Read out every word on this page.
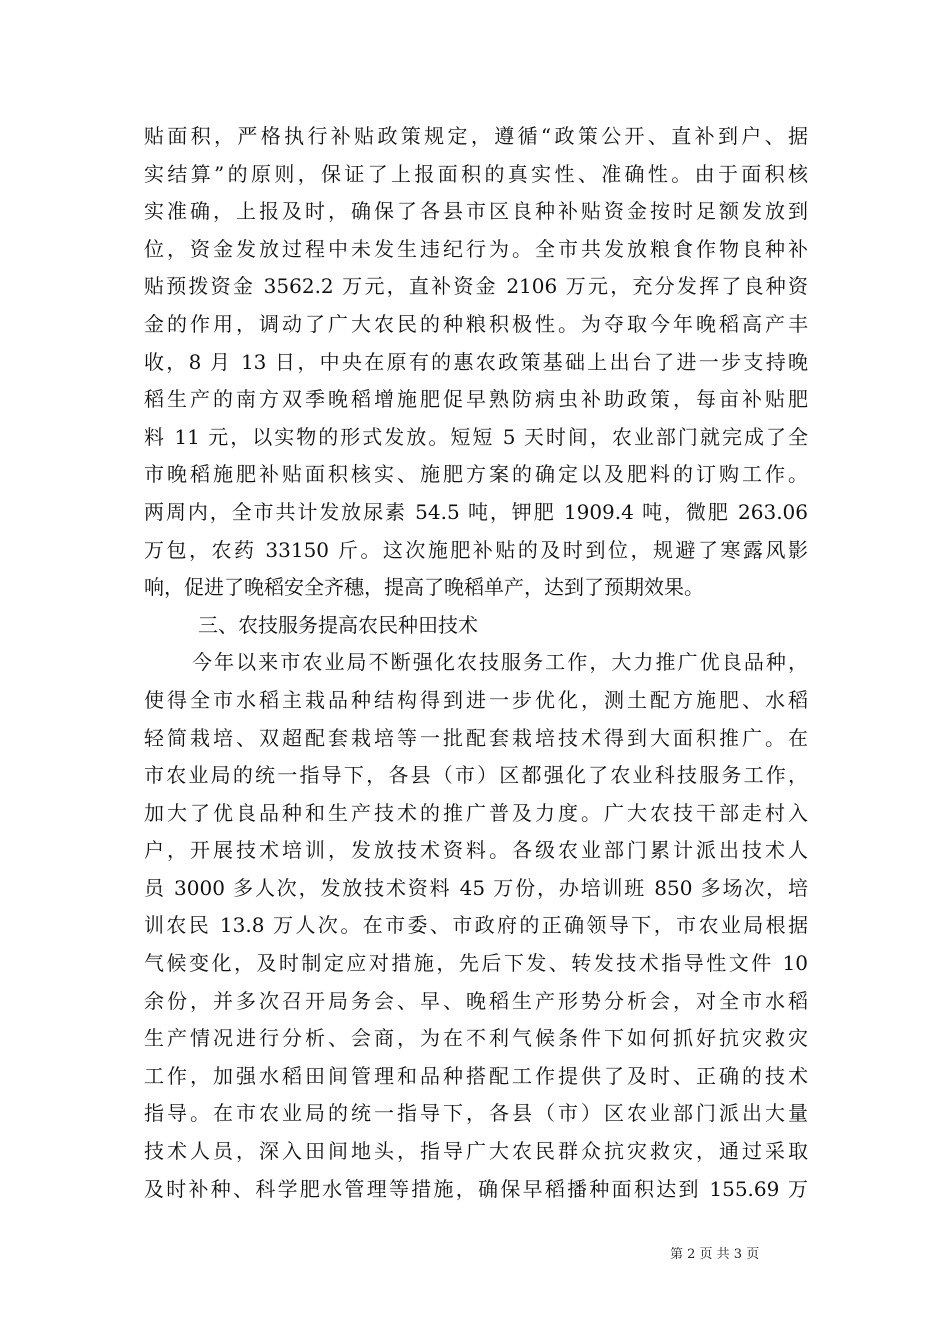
贴面积，严格执行补贴政策规定，遵循“政策公开、直补到户、据
实结算”的原则，保证了上报面积的真实性、准确性。由于面积核
实准确，上报及时，确保了各县市区良种补贴资金按时足额发放到
位，资金发放过程中未发生违纪行为。全市共发放粮食作物良种补
贴预拨资金 3562.2 万元，直补资金 2106 万元，充分发挥了良种资
金的作用，调动了广大农民的种粮积极性。为夺取今年晚稻高产丰
收，8 月 13 日，中央在原有的惠农政策基础上出台了进一步支持晚
稻生产的南方双季晚稻增施肥促早熟防病虫补助政策，每亩补贴肥
料 11 元，以实物的形式发放。短短 5 天时间，农业部门就完成了全
市晚稻施肥补贴面积核实、施肥方案的确定以及肥料的订购工作。
两周内，全市共计发放尿素 54.5 吨，钾肥 1909.4 吨，微肥 263.06
万包，农药 33150 斤。这次施肥补贴的及时到位，规避了寒露风影
响，促进了晚稻安全齐穗，提高了晚稻单产，达到了预期效果。
三、农技服务提高农民种田技术
今年以来市农业局不断强化农技服务工作，大力推广优良品种，
使得全市水稻主栽品种结构得到进一步优化，测土配方施肥、水稻
轻简栽培、双超配套栽培等一批配套栽培技术得到大面积推广。在
市农业局的统一指导下，各县（市）区都强化了农业科技服务工作，
加大了优良品种和生产技术的推广普及力度。广大农技干部走村入
户，开展技术培训，发放技术资料。各级农业部门累计派出技术人
员 3000 多人次，发放技术资料 45 万份，办培训班 850 多场次，培
训农民 13.8 万人次。在市委、市政府的正确领导下，市农业局根据
气候变化，及时制定应对措施，先后下发、转发技术指导性文件 10
余份，并多次召开局务会、早、晚稻生产形势分析会，对全市水稻
生产情况进行分析、会商，为在不利气候条件下如何抓好抗灾救灾
工作，加强水稻田间管理和品种搭配工作提供了及时、正确的技术
指导。在市农业局的统一指导下，各县（市）区农业部门派出大量
技术人员，深入田间地头，指导广大农民群众抗灾救灾，通过采取
及时补种、科学肥水管理等措施，确保早稻播种面积达到 155.69 万
第 2 页 共 3 页
